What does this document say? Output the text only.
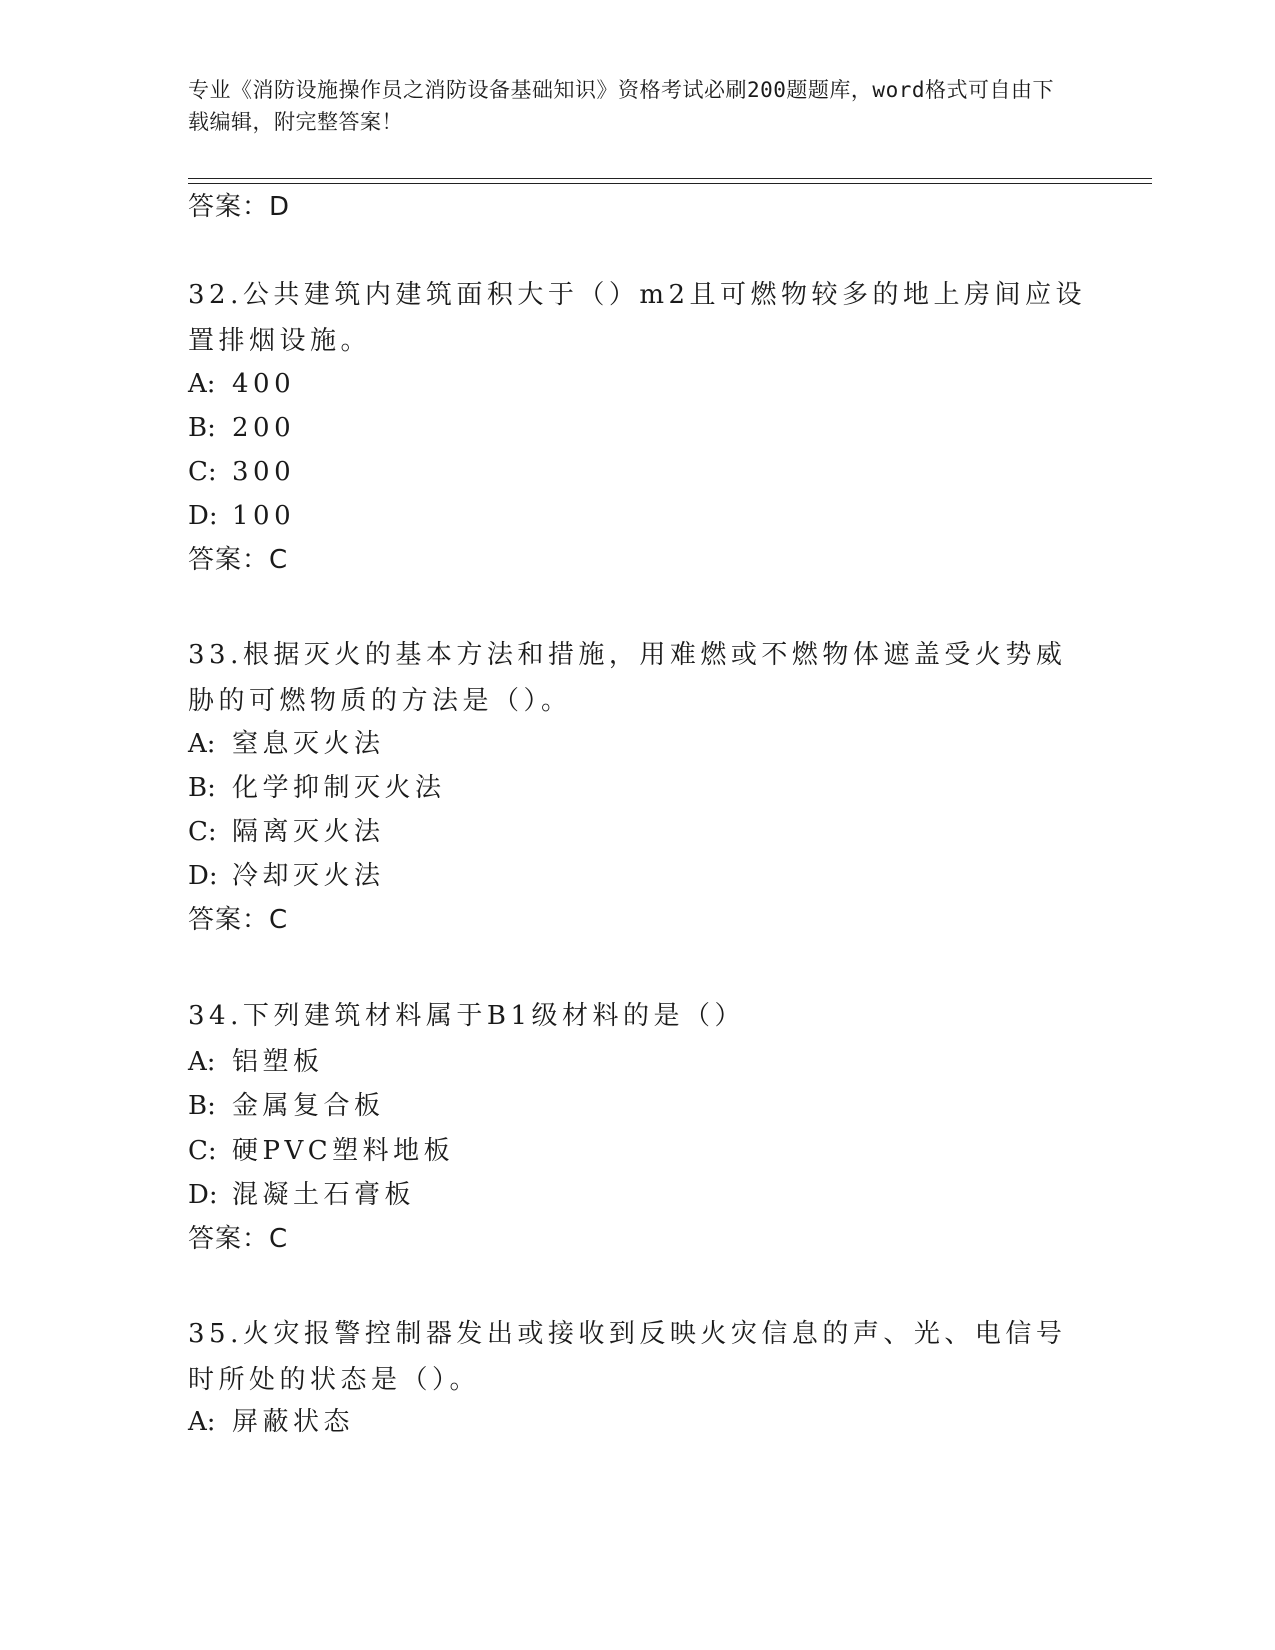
专业《消防设施操作员之消防设备基础知识》资格考试必刷200题题库，word格式可自由下载编辑，附完整答案！
答案：D
32.公共建筑内建筑面积大于（）m2且可燃物较多的地上房间应设置排烟设施。
A: 400
B: 200
C: 300
D: 100
答案：C
33.根据灭火的基本方法和措施，用难燃或不燃物体遮盖受火势威胁的可燃物质的方法是（）。
A: 窒息灭火法
B: 化学抑制灭火法
C: 隔离灭火法
D: 冷却灭火法
答案：C
34.下列建筑材料属于B1级材料的是（）
A: 铝塑板
B: 金属复合板
C: 硬PVC塑料地板
D: 混凝土石膏板
答案：C
35.火灾报警控制器发出或接收到反映火灾信息的声、光、电信号时所处的状态是（）。
A: 屏蔽状态
